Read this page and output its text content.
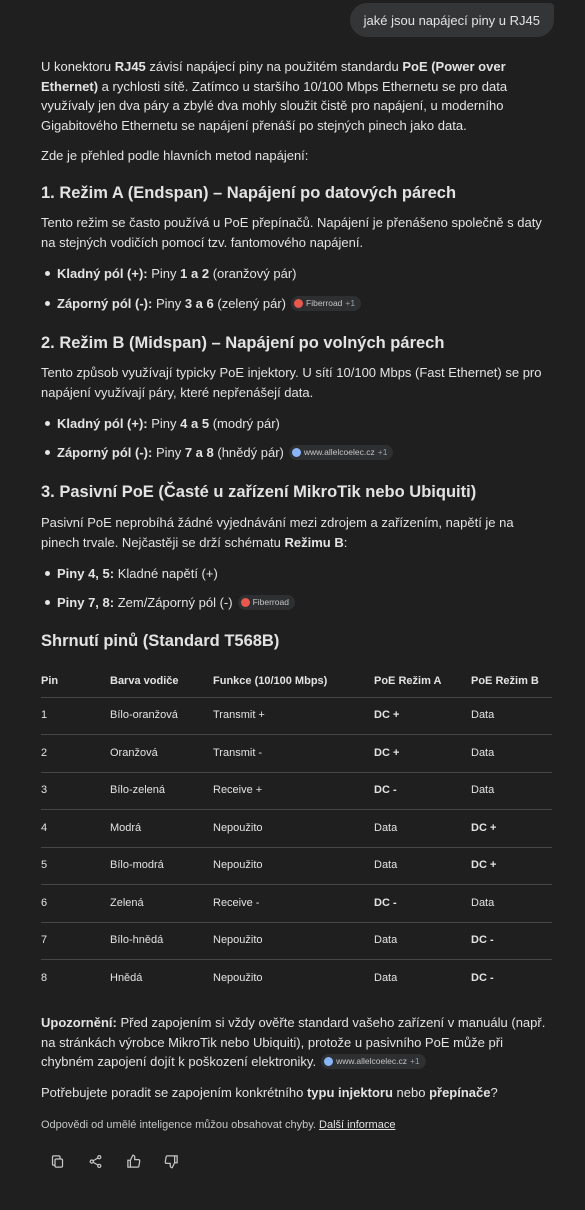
jaké jsou napájecí piny u RJ45

U konektoru RJ45 závisí napájecí piny na použitém standardu PoE (Power over Ethernet) a rychlosti sítě. Zatímco u staršího 10/100 Mbps Ethernetu se pro data využívaly jen dva páry a zbylé dva mohly sloužit čistě pro napájení, u moderního Gigabitového Ethernetu se napájení přenáší po stejných pinech jako data.

Zde je přehled podle hlavních metod napájení:

1. Režim A (Endspan) – Napájení po datových párech

Tento režim se často používá u PoE přepínačů. Napájení je přenášeno společně s daty na stejných vodičích pomocí tzv. fantomového napájení.

Kladný pól (+): Piny 1 a 2 (oranžový pár)
Záporný pól (-): Piny 3 a 6 (zelený pár) Fiberroad +1
2. Režim B (Midspan) – Napájení po volných párech

Tento způsob využívají typicky PoE injektory. U sítí 10/100 Mbps (Fast Ethernet) se pro napájení využívají páry, které nepřenášejí data.

Kladný pól (+): Piny 4 a 5 (modrý pár)
Záporný pól (-): Piny 7 a 8 (hnědý pár) www.allelcoelec.cz +1
3. Pasivní PoE (Časté u zařízení MikroTik nebo Ubiquiti)

Pasivní PoE neprobíhá žádné vyjednávání mezi zdrojem a zařízením, napětí je na pinech trvale. Nejčastěji se drží schématu Režimu B:

Piny 4, 5: Kladné napětí (+)
Piny 7, 8: Zem/Záporný pól (-) Fiberroad
Shrnutí pinů (Standard T568B)
Pin	Barva vodiče	Funkce (10/100 Mbps)	PoE Režim A	PoE Režim B
1	Bílo-oranžová	Transmit +	DC +	Data
2	Oranžová	Transmit -	DC +	Data
3	Bílo-zelená	Receive +	DC -	Data
4	Modrá	Nepoužito	Data	DC +
5	Bílo-modrá	Nepoužito	Data	DC +
6	Zelená	Receive -	DC -	Data
7	Bílo-hnědá	Nepoužito	Data	DC -
8	Hnědá	Nepoužito	Data	DC -

Upozornění: Před zapojením si vždy ověřte standard vašeho zařízení v manuálu (např. na stránkách výrobce MikroTik nebo Ubiquiti), protože u pasivního PoE může při chybném zapojení dojít k poškození elektroniky. www.allelcoelec.cz +1

Potřebujete poradit se zapojením konkrétního typu injektoru nebo přepínače?

Odpovědi od umělé inteligence můžou obsahovat chyby. Další informace
